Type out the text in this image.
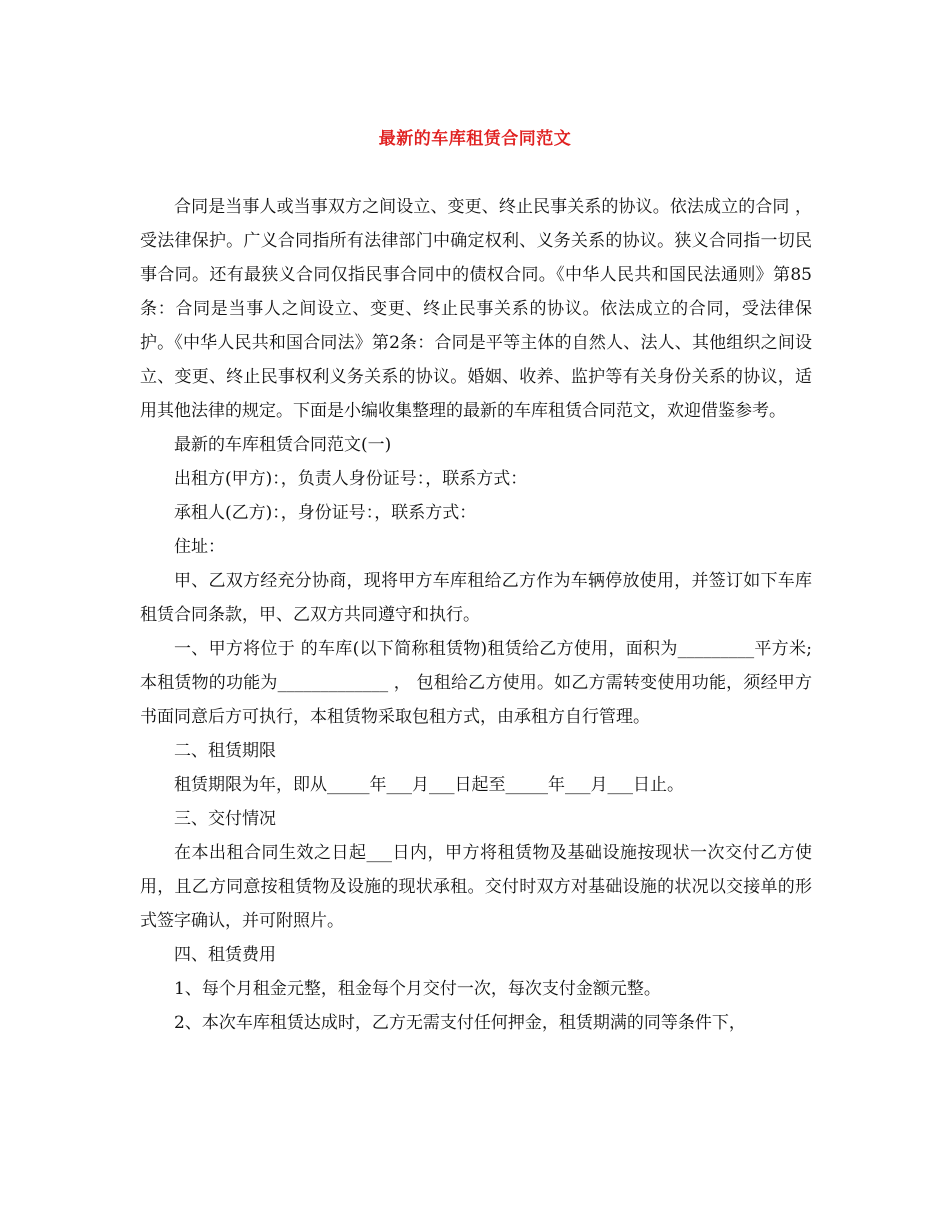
最新的车库租赁合同范文

合同是当事人或当事双方之间设立、变更、终止民事关系的协议。依法成立的合同 ，受法律保护。广义合同指所有法律部门中确定权利、义务关系的协议。狭义合同指一切民事合同。还有最狭义合同仅指民事合同中的债权合同。《中华人民共和国民法通则》第85条：合同是当事人之间设立、变更、终止民事关系的协议。依法成立的合同，受法律保护。《中华人民共和国合同法》第2条：合同是平等主体的自然人、法人、其他组织之间设立、变更、终止民事权利义务关系的协议。婚姻、收养、监护等有关身份关系的协议，适用其他法律的规定。下面是小编收集整理的最新的车库租赁合同范文，欢迎借鉴参考。

最新的车库租赁合同范文(一)

出租方(甲方)：，负责人身份证号：，联系方式：

承租人(乙方)：，身份证号：，联系方式：

住址：

甲、乙双方经充分协商，现将甲方车库租给乙方作为车辆停放使用，并签订如下车库租赁合同条款，甲、乙双方共同遵守和执行。

一、甲方将位于 的车库(以下简称租赁物)租赁给乙方使用，面积为_________平方米;本租赁物的功能为_____________ ， 包租给乙方使用。如乙方需转变使用功能，须经甲方书面同意后方可执行，本租赁物采取包租方式，由承租方自行管理。

二、租赁期限

租赁期限为年，即从_____年___月___日起至_____年___月___日止。

三、交付情况

在本出租合同生效之日起___日内，甲方将租赁物及基础设施按现状一次交付乙方使用，且乙方同意按租赁物及设施的现状承租。交付时双方对基础设施的状况以交接单的形式签字确认，并可附照片。

四、租赁费用

1、每个月租金元整，租金每个月交付一次，每次支付金额元整。

2、本次车库租赁达成时，乙方无需支付任何押金，租赁期满的同等条件下，
